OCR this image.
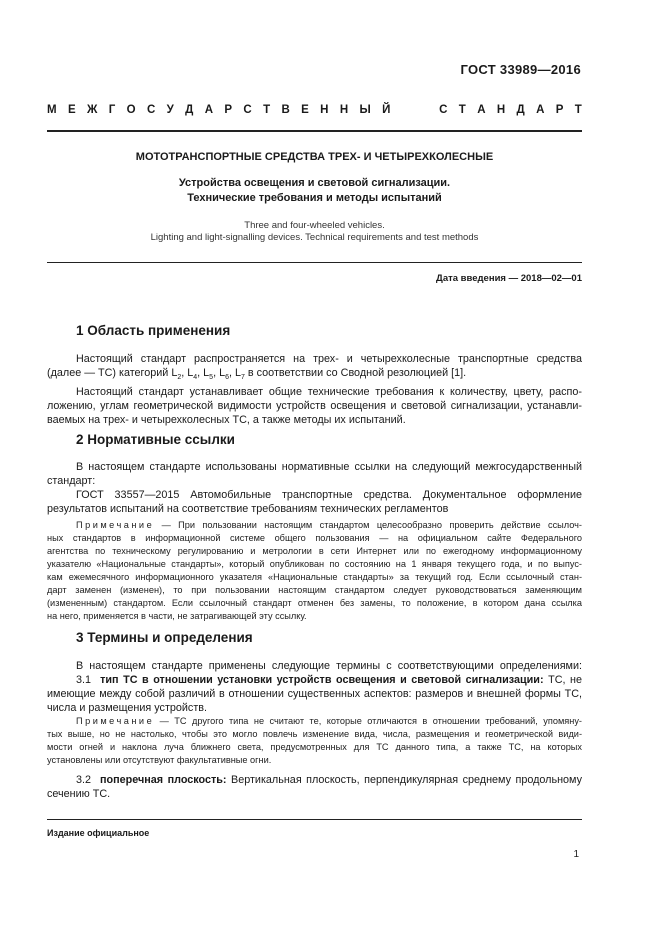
ГОСТ 33989—2016
М Е Ж Г О С У Д А Р С Т В Е Н Н Ы Й	С Т А Н Д А Р Т
МОТОТРАНСПОРТНЫЕ СРЕДСТВА ТРЕХ- И ЧЕТЫРЕХКОЛЕСНЫЕ
Устройства освещения и световой сигнализации.
Технические требования и методы испытаний
Three and four-wheeled vehicles.
Lighting and light-signalling devices. Technical requirements and test methods
Дата введения — 2018—02—01
1 Область применения
Настоящий стандарт распространяется на трех- и четырехколесные транспортные средства
(далее — ТС) категорий $L_2$, $L_4$, $L_5$, $L_6$, $L_7$ в соответствии со Сводной резолюцией [1].
Настоящий стандарт устанавливает общие технические требования к количеству, цвету, распо-
ложению, углам геометрической видимости устройств освещения и световой сигнализации, устанавли-
ваемых на трех- и четырехколесных ТС, а также методы их испытаний.
2 Нормативные ссылки
В настоящем стандарте использованы нормативные ссылки на следующий межгосударственный
стандарт:
ГОСТ 33557—2015 Автомобильные транспортные средства. Документальное оформление
результатов испытаний на соответствие требованиям технических регламентов
Примечание — При пользовании настоящим стандартом целесообразно проверить действие ссылоч-
ных стандартов в информационной системе общего пользования — на официальном сайте Федерального
агентства по техническому регулированию и метрологии в сети Интернет или по ежегодному информационному
указателю «Национальные стандарты», который опубликован по состоянию на 1 января текущего года, и по выпус-
кам ежемесячного информационного указателя «Национальные стандарты» за текущий год. Если ссылочный стан-
дарт заменен (изменен), то при пользовании настоящим стандартом следует руководствоваться заменяющим
(измененным) стандартом. Если ссылочный стандарт отменен без замены, то положение, в котором дана ссылка
на него, применяется в части, не затрагивающей эту ссылку.
3 Термины и определения
В настоящем стандарте применены следующие термины с соответствующими определениями:
3.1 тип ТС в отношении установки устройств освещения и световой сигнализации: ТС, не
имеющие между собой различий в отношении существенных аспектов: размеров и внешней формы ТС,
числа и размещения устройств.
Примечание — ТС другого типа не считают те, которые отличаются в отношении требований, упомяну-
тых выше, но не настолько, чтобы это могло повлечь изменение вида, числа, размещения и геометрической види-
мости огней и наклона луча ближнего света, предусмотренных для ТС данного типа, а также ТС, на которых
установлены или отсутствуют факультативные огни.
3.2 поперечная плоскость: Вертикальная плоскость, перпендикулярная среднему продольному
сечению ТС.
Издание официальное
1
